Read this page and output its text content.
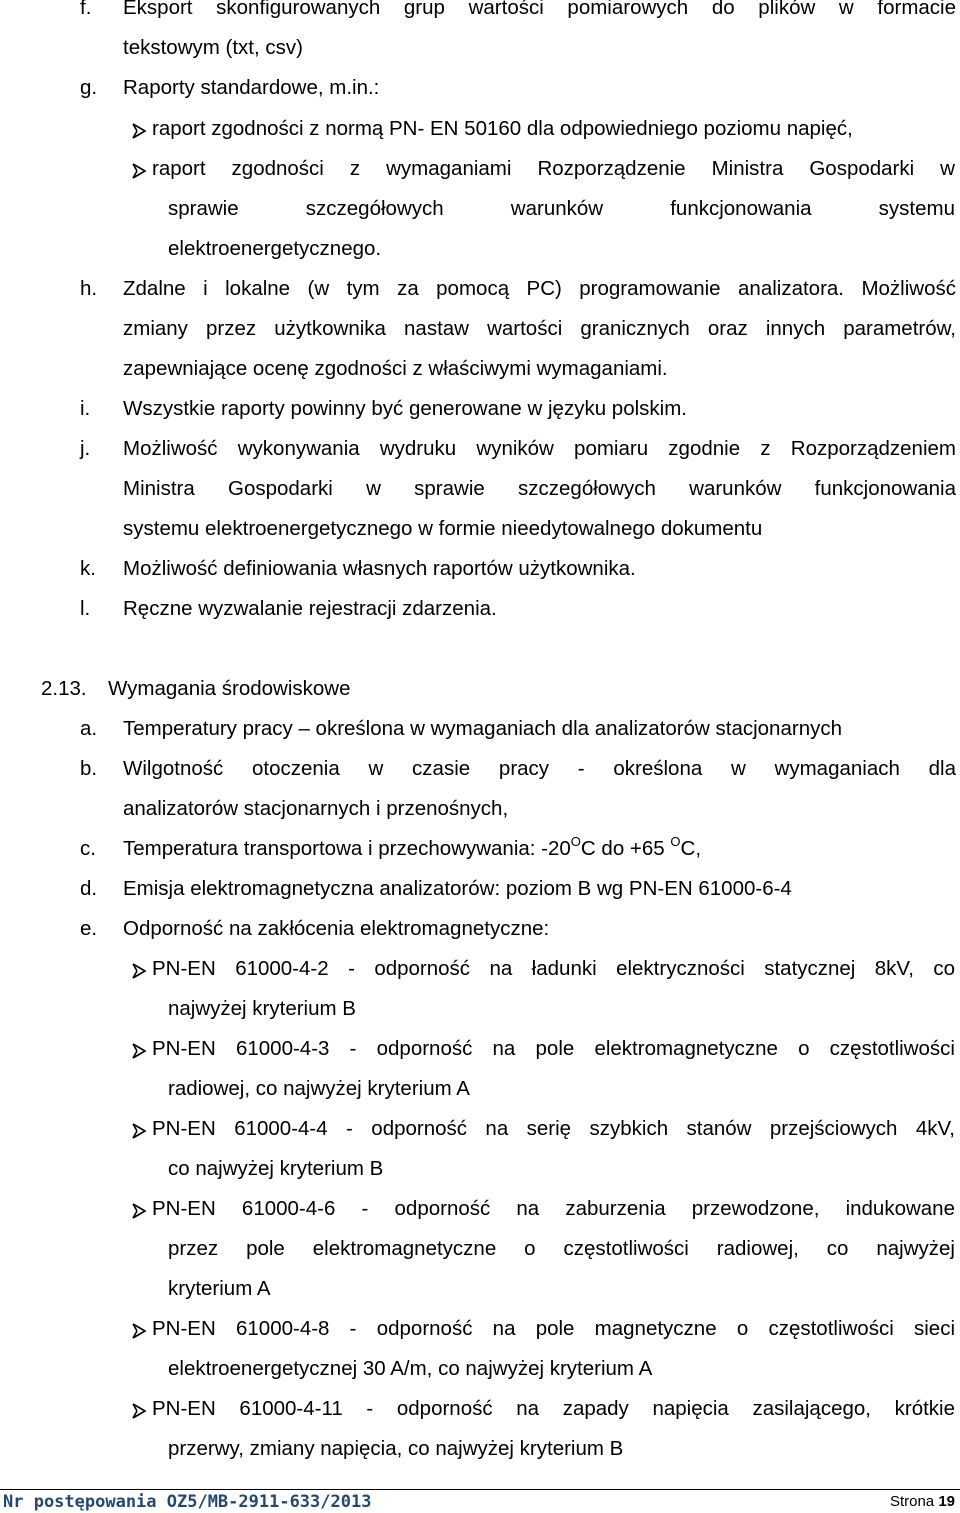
f. Eksport skonfigurowanych grup wartości pomiarowych do plików w formacie
tekstowym (txt, csv)
g. Raporty standardowe, m.in.:
raport zgodności z normą PN- EN 50160 dla odpowiedniego poziomu napięć,
raport zgodności z wymaganiami Rozporządzenie Ministra Gospodarki w
sprawie szczegółowych warunków funkcjonowania systemu
elektroenergetycznego.
h. Zdalne i lokalne (w tym za pomocą PC) programowanie analizatora. Możliwość
zmiany przez użytkownika nastaw wartości granicznych oraz innych parametrów,
zapewniające ocenę zgodności z właściwymi wymaganiami.
i. Wszystkie raporty powinny być generowane w języku polskim.
j. Możliwość wykonywania wydruku wyników pomiaru zgodnie z Rozporządzeniem
Ministra Gospodarki w sprawie szczegółowych warunków funkcjonowania
systemu elektroenergetycznego w formie nieedytowalnego dokumentu
k. Możliwość definiowania własnych raportów użytkownika.
l. Ręczne wyzwalanie rejestracji zdarzenia.
2.13. Wymagania środowiskowe
a. Temperatury pracy – określona w wymaganiach dla analizatorów stacjonarnych
b. Wilgotność otoczenia w czasie pracy - określona w wymaganiach dla
analizatorów stacjonarnych i przenośnych,
c. Temperatura transportowa i przechowywania: $-20^OC$ do +65 $^O$C,
d. Emisja elektromagnetyczna analizatorów: poziom B wg PN-EN 61000-6-4
e. Odporność na zakłócenia elektromagnetyczne:
PN-EN 61000-4-2 - odporność na ładunki elektryczności statycznej 8kV, co
najwyżej kryterium B
PN-EN 61000-4-3 - odporność na pole elektromagnetyczne o częstotliwości
radiowej, co najwyżej kryterium A
PN-EN 61000-4-4 - odporność na serię szybkich stanów przejściowych 4kV,
co najwyżej kryterium B
PN-EN 61000-4-6 - odporność na zaburzenia przewodzone, indukowane
przez pole elektromagnetyczne o częstotliwości radiowej, co najwyżej
kryterium A
PN-EN 61000-4-8 - odporność na pole magnetyczne o częstotliwości sieci
elektroenergetycznej 30 A/m, co najwyżej kryterium A
PN-EN 61000-4-11 - odporność na zapady napięcia zasilającego, krótkie
przerwy, zmiany napięcia, co najwyżej kryterium B
Nr postępowania OZ5/MB-2911-633/2013	Strona 19
